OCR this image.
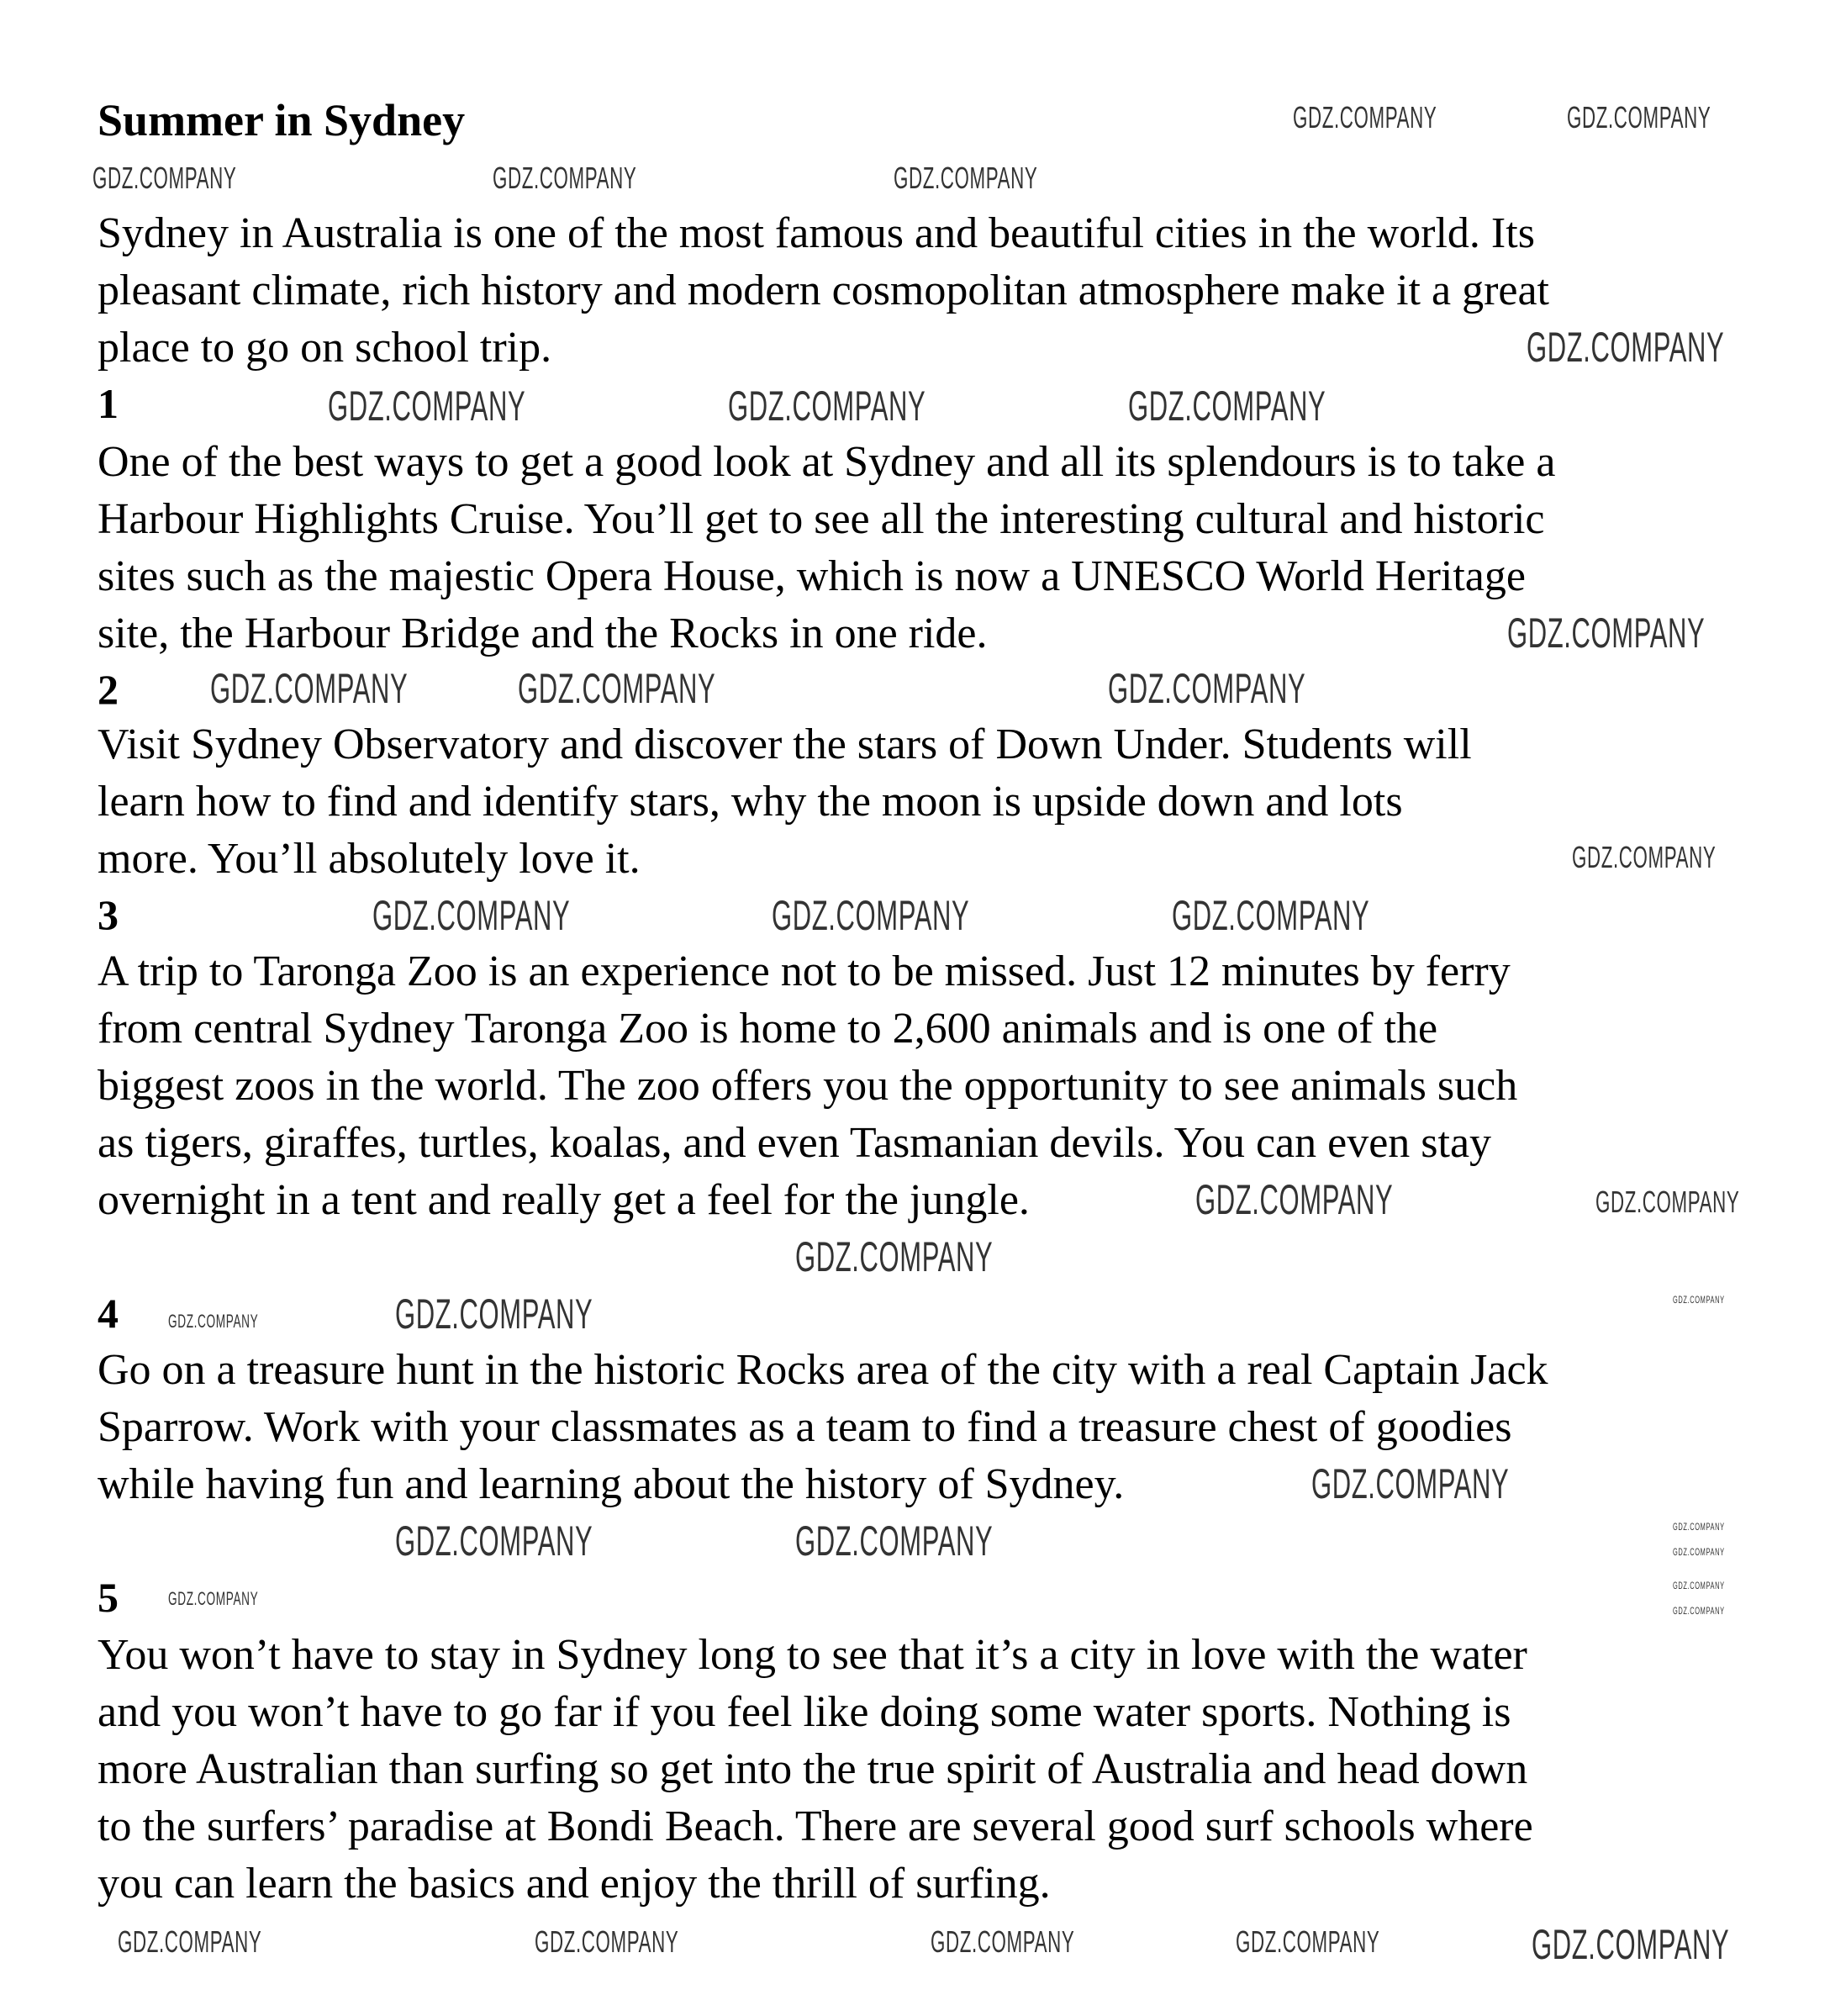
Summer in Sydney
Sydney in Australia is one of the most famous and beautiful cities in the world. Its
pleasant climate, rich history and modern cosmopolitan atmosphere make it a great
place to go on school trip.
1
One of the best ways to get a good look at Sydney and all its splendours is to take a
Harbour Highlights Cruise. You’ll get to see all the interesting cultural and historic
sites such as the majestic Opera House, which is now a UNESCO World Heritage
site, the Harbour Bridge and the Rocks in one ride.
2
Visit Sydney Observatory and discover the stars of Down Under. Students will
learn how to find and identify stars, why the moon is upside down and lots
more. You’ll absolutely love it.
3
A trip to Taronga Zoo is an experience not to be missed. Just 12 minutes by ferry
from central Sydney Taronga Zoo is home to 2,600 animals and is one of the
biggest zoos in the world. The zoo offers you the opportunity to see animals such
as tigers, giraffes, turtles, koalas, and even Tasmanian devils. You can even stay
overnight in a tent and really get a feel for the jungle.
4
Go on a treasure hunt in the historic Rocks area of the city with a real Captain Jack
Sparrow. Work with your classmates as a team to find a treasure chest of goodies
while having fun and learning about the history of Sydney.
5
You won’t have to stay in Sydney long to see that it’s a city in love with the water
and you won’t have to go far if you feel like doing some water sports. Nothing is
more Australian than surfing so get into the true spirit of Australia and head down
to the surfers’ paradise at Bondi Beach. There are several good surf schools where
you can learn the basics and enjoy the thrill of surfing.
GDZ.COMPANY	GDZ.COMPANY
GDZ.COMPANY	GDZ.COMPANY	GDZ.COMPANY
GDZ.COMPANY
GDZ.COMPANY	GDZ.COMPANY	GDZ.COMPANY
GDZ.COMPANY
GDZ.COMPANY	GDZ.COMPANY	GDZ.COMPANY
GDZ.COMPANY
GDZ.COMPANY	GDZ.COMPANY	GDZ.COMPANY
GDZ.COMPANY	GDZ.COMPANY
GDZ.COMPANY
GDZ.COMPANY	GDZ.COMPANY
GDZ.COMPANY
GDZ.COMPANY
GDZ.COMPANY
GDZ.COMPANY
GDZ.COMPANY	GDZ.COMPANY	GDZ.COMPANY
GDZ.COMPANY	GDZ.COMPANY
GDZ.COMPANY
GDZ.COMPANY
GDZ.COMPANY
GDZ.COMPANY
GDZ.COMPANY
